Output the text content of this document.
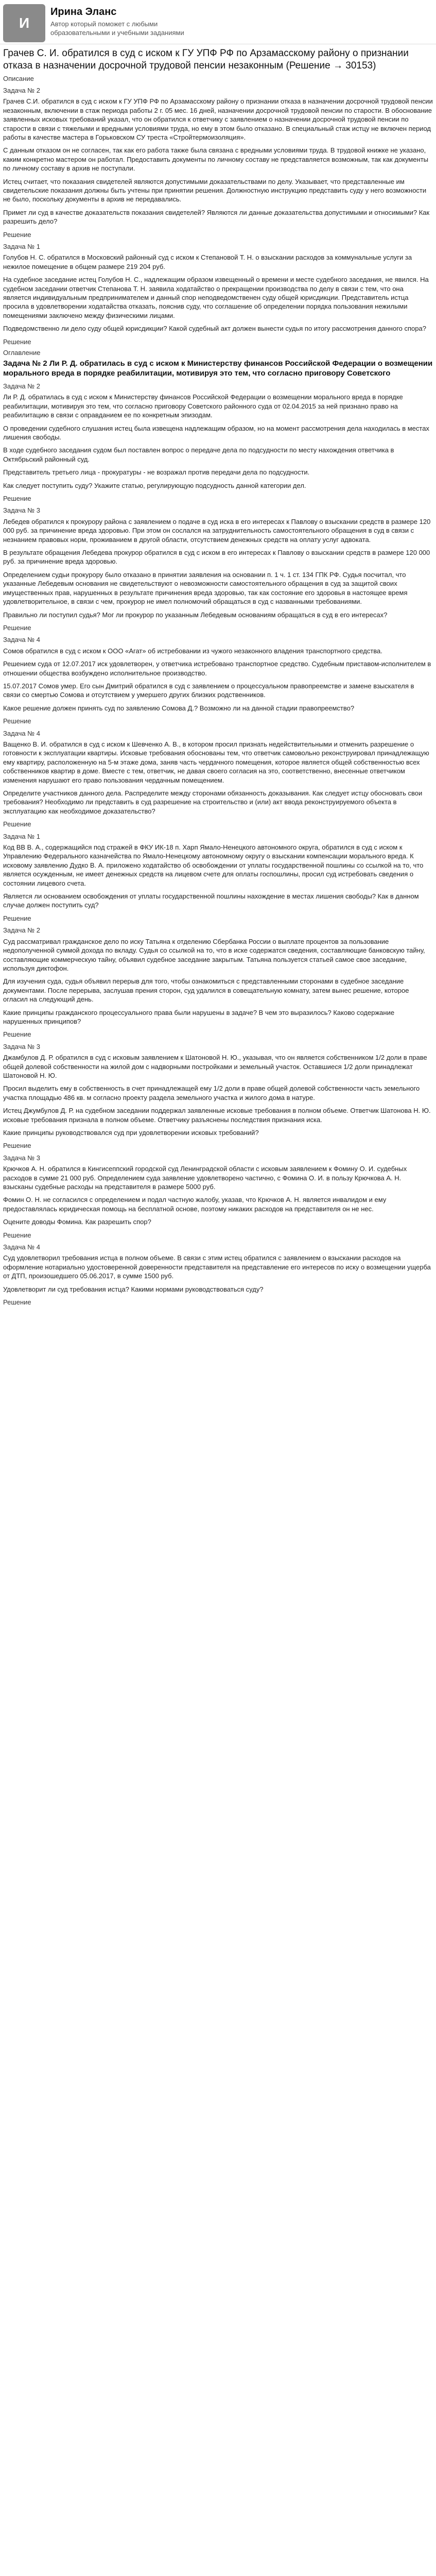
И
Ирина Эланс
Автор который поможет с любыми образовательными и учебными заданиями
Грачев С. И. обратился в суд с иском к ГУ УПФ РФ по Арзамасскому району о признании отказа в назначении досрочной трудовой пенсии незаконным (Решение → 30153)
Описание
Задача № 2

Грачев С.И. обратился в суд с иском к ГУ УПФ РФ по Арзамасскому району о признании отказа в назначении досрочной трудовой пенсии незаконным, включении в стаж периода работы 2 г. 05 мес. 16 дней, назначении досрочной трудовой пенсии по старости. В обоснование заявленных исковых требований указал, что он обратился к ответчику с заявлением о назначении досрочной трудовой пенсии по старости в связи с тяжелыми и вредными условиями труда, но ему в этом было отказано. В специальный стаж истцу не включен период работы в качестве мастера в Горьковском СУ треста «Стройтермоизоляция».

С данным отказом он не согласен, так как его работа также была связана с вредными условиями труда. В трудовой книжке не указано, каким конкретно мастером он работал. Предоставить документы по личному составу не представляется возможным, так как документы по личному составу в архив не поступали.

Истец считает, что показания свидетелей являются допустимыми доказательствами по делу. Указывает, что представленные им свидетельские показания должны быть учтены при принятии решения. Должностную инструкцию представить суду у него возможности не было, поскольку документы в архив не передавались.

Примет ли суд в качестве доказательств показания свидетелей? Являются ли данные доказательства допустимыми и относимыми? Как разрешить дело?

Решение
Задача № 1

Голубов Н. С. обратился в Московский районный суд с иском к Степановой Т. Н. о взыскании расходов за коммунальные услуги за нежилое помещение в общем размере 219 204 руб.

На судебное заседание истец Голубов Н. С., надлежащим образом извещенный о времени и месте судебного заседания, не явился. На судебном заседании ответчик Степанова Т. Н. заявила ходатайство о прекращении производства по делу в связи с тем, что она является индивидуальным предпринимателем и данный спор неподведомственен суду общей юрисдикции. Представитель истца просила в удовлетворении ходатайства отказать, пояснив суду, что соглашение об определении порядка пользования нежилыми помещениями заключено между физическими лицами.

Подведомственно ли дело суду общей юрисдикции? Какой судебный акт должен вынести судья по итогу рассмотрения данного спора?

Решение
Оглавление
Задача № 2 Ли Р. Д. обратилась в суд с иском к Министерству финансов Российской Федерации о возмещении морального вреда в порядке реабилитации, мотивируя это тем, что согласно приговору Советского
Задача № 2

Ли Р. Д. обратилась в суд с иском к Министерству финансов Российской Федерации о возмещении морального вреда в порядке реабилитации, мотивируя это тем, что согласно приговору Советского районного суда от 02.04.2015 за ней признано право на реабилитацию в связи с оправданием ее по конкретным эпизодам.

О проведении судебного слушания истец была извещена надлежащим образом, но на момент рассмотрения дела находилась в местах лишения свободы.

В ходе судебного заседания судом был поставлен вопрос о передаче дела по подсудности по месту нахождения ответчика в Октябрьский районный суд.

Представитель третьего лица - прокуратуры - не возражал против передачи дела по подсудности.

Как следует поступить суду? Укажите статью, регулирующую подсудность данной категории дел.

Решение
Задача № 3

Лебедев обратился к прокурору района с заявлением о подаче в суд иска в его интересах к Павлову о взыскании средств в размере 120 000 руб. за причинение вреда здоровью. При этом он сослался на затруднительность самостоятельного обращения в суд в связи с незнанием правовых норм, проживанием в другой области, отсутствием денежных средств на оплату услуг адвоката.

В результате обращения Лебедева прокурор обратился в суд с иском в его интересах к Павлову о взыскании средств в размере 120 000 руб. за причинение вреда здоровью.

Определением судьи прокурору было отказано в принятии заявления на основании п. 1 ч. 1 ст. 134 ГПК РФ. Судья посчитал, что указанные Лебедевым основания не свидетельствуют о невозможности самостоятельного обращения в суд за защитой своих имущественных прав, нарушенных в результате причинения вреда здоровью, так как состояние его здоровья в настоящее время удовлетворительное, в связи с чем, прокурор не имел полномочий обращаться в суд с названными требованиями.

Правильно ли поступил судья? Мог ли прокурор по указанным Лебедевым основаниям обращаться в суд в его интересах?

Решение
Задача № 4

Сомов обратился в суд с иском к ООО «Агат» об истребовании из чужого незаконного владения транспортного средства.

Решением суда от 12.07.2017 иск удовлетворен, у ответчика истребовано транспортное средство. Судебным приставом-исполнителем в отношении общества возбуждено исполнительное производство.

15.07.2017 Сомов умер. Его сын Дмитрий обратился в суд с заявлением о процессуальном правопреемстве и замене взыскателя в связи со смертью Сомова и отсутствием у умершего других близких родственников.

Какое решение должен принять суд по заявлению Сомова Д.? Возможно ли на данной стадии правопреемство?

Решение
Задача № 4

Ващенко В. И. обратился в суд с иском к Шевченко А. В., в котором просил признать недействительными и отменить разрешение о готовности к эксплуатации квартиры. Исковые требования обоснованы тем, что ответчик самовольно реконструировал принадлежащую ему квартиру, расположенную на 5-м этаже дома, заняв часть чердачного помещения, которое является общей собственностью всех собственников квартир в доме. Вместе с тем, ответчик, не давая своего согласия на это, соответственно, внесенные ответчиком изменения нарушают его право пользования чердачным помещением.

Определите участников данного дела. Распределите между сторонами обязанность доказывания. Как следует истцу обосновать свои требования? Необходимо ли представить в суд разрешение на строительство и (или) акт ввода реконструируемого объекта в эксплуатацию как необходимое доказательство?

Решение
Задача № 1

Код ВВ В. А., содержащийся под стражей в ФКУ ИК-18 п. Харп Ямало-Ненецкого автономного округа, обратился в суд с иском к Управлению Федерального казначейства по Ямало-Ненецкому автономному округу о взыскании компенсации морального вреда. К исковому заявлению Дудко В. А. приложено ходатайство об освобождении от уплаты государственной пошлины со ссылкой на то, что является осужденным, не имеет денежных средств на лицевом счете для оплаты госпошлины, просил суд истребовать сведения о состоянии лицевого счета.

Является ли основанием освобождения от уплаты государственной пошлины нахождение в местах лишения свободы? Как в данном случае должен поступить суд?

Решение
Задача № 2

Суд рассматривал гражданское дело по иску Татьяна к отделению Сбербанка России о выплате процентов за пользование недополученной суммой дохода по вкладу. Судья со ссылкой на то, что в иске содержатся сведения, составляющие банковскую тайну, составляющие коммерческую тайну, объявил судебное заседание закрытым. Татьяна пользуется статьей самое свое заседание, используя диктофон.

Для изучения суда, судья объявил перерыв для того, чтобы ознакомиться с представленными сторонами в судебное заседание документами. После перерыва, заслушав прения сторон, суд удалился в совещательную комнату, затем вынес решение, которое огласил на следующий день.

Какие принципы гражданского процессуального права были нарушены в задаче? В чем это выразилось? Каково содержание нарушенных принципов?

Решение
Задача № 3

Джамбулов Д. Р. обратился в суд с исковым заявлением к Шатоновой Н. Ю., указывая, что он является собственником 1/2 доли в праве общей долевой собственности на жилой дом с надворными постройками и земельный участок. Оставшиеся 1/2 доли принадлежат Шатоновой Н. Ю.

Просил выделить ему в собственность в счет принадлежащей ему 1/2 доли в праве общей долевой собственности часть земельного участка площадью 486 кв. м согласно проекту раздела земельного участка и жилого дома в натуре.

Истец Джумбулов Д. Р. на судебном заседании поддержал заявленные исковые требования в полном объеме. Ответчик Шатонова Н. Ю. исковые требования признала в полном объеме. Ответчику разъяснены последствия признания иска.

Какие принципы руководствовался суд при удовлетворении исковых требований?

Решение
Задача № 3

Крючков А. Н. обратился в Кингисеппский городской суд Ленинградской области с исковым заявлением к Фомину О. И. судебных расходов в сумме 21 000 руб. Определением суда заявление удовлетворено частично, с Фомина О. И. в пользу Крючкова А. Н. взысканы судебные расходы на представителя в размере 5000 руб.

Фомин О. Н. не согласился с определением и подал частную жалобу, указав, что Крючков А. Н. является инвалидом и ему предоставлялась юридическая помощь на бесплатной основе, поэтому никаких расходов на представителя он не нес.

Оцените доводы Фомина. Как разрешить спор?

Решение
Задача № 4

Суд удовлетворил требования истца в полном объеме. В связи с этим истец обратился с заявлением о взыскании расходов на оформление нотариально удостоверенной доверенности представителя на представление его интересов по иску о возмещении ущерба от ДТП, произошедшего 05.06.2017, в сумме 1500 руб.

Удовлетворит ли суд требования истца? Какими нормами руководствоваться суду?

Решение
